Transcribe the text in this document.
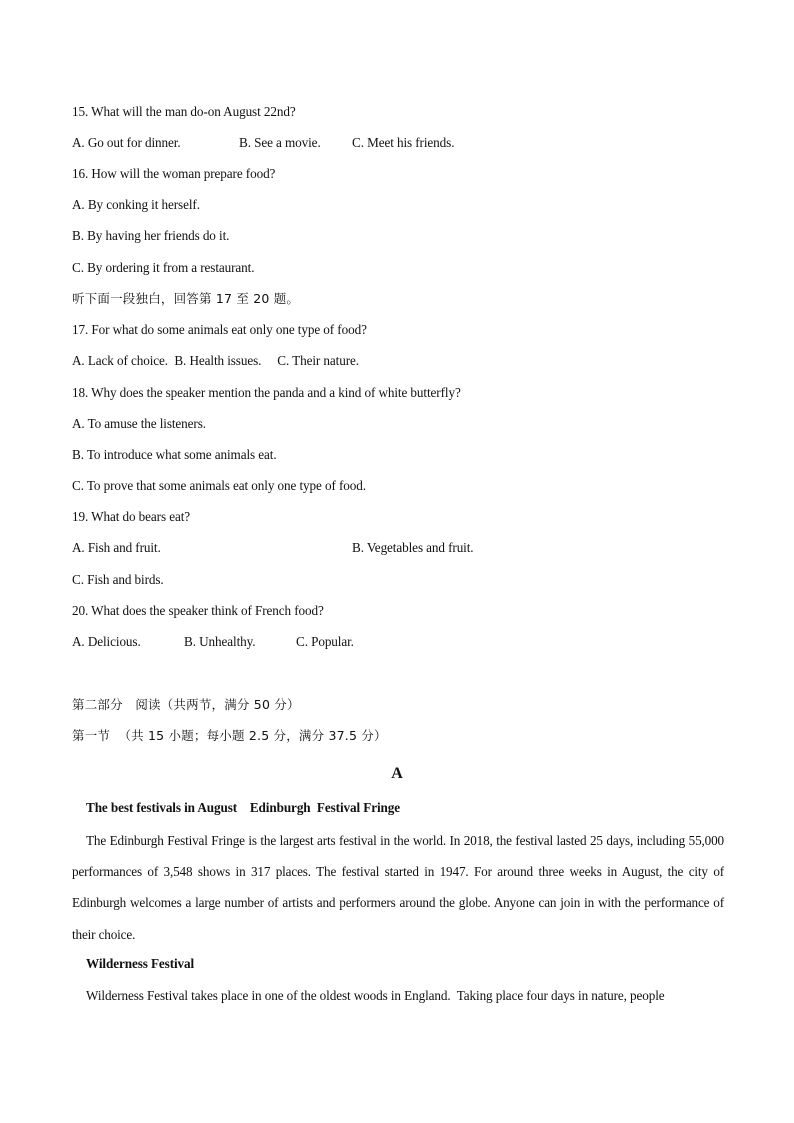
15. What will the man do-on August 22nd?
A. Go out for dinner.	B. See a movie. C. Meet his friends.
16. How will the woman prepare food?
A. By conking it herself.
B. By having her friends do it.
C. By ordering it from a restaurant.
听下面一段独白，回答第 17 至 20 题。
17. For what do some animals eat only one type of food?
A. Lack of choice.  B. Health issues.     C. Their nature.
18. Why does the speaker mention the panda and a kind of white butterfly?
A. To amuse the listeners.
B. To introduce what some animals eat.
C. To prove that some animals eat only one type of food.
19. What do bears eat?
A. Fish and fruit.	B. Vegetables and fruit.
C. Fish and birds.
20. What does the speaker think of French food?
A. Delicious.	B. Unhealthy.	C. Popular.
第二部分   阅读（共两节，满分 50 分）
第一节  （共 15 小题；每小题 2.5 分，满分 37.5 分）
A
The best festivals in August    Edinburgh  Festival Fringe
The Edinburgh Festival Fringe is the largest arts festival in the world. In 2018, the festival lasted 25 days, including 55,000 performances of 3,548 shows in 317 places. The festival started in 1947. For around three weeks in August, the city of Edinburgh welcomes a large number of artists and performers around the globe. Anyone can join in with the performance of their choice.
Wilderness Festival
Wilderness Festival takes place in one of the oldest woods in England.  Taking place four days in nature, people
